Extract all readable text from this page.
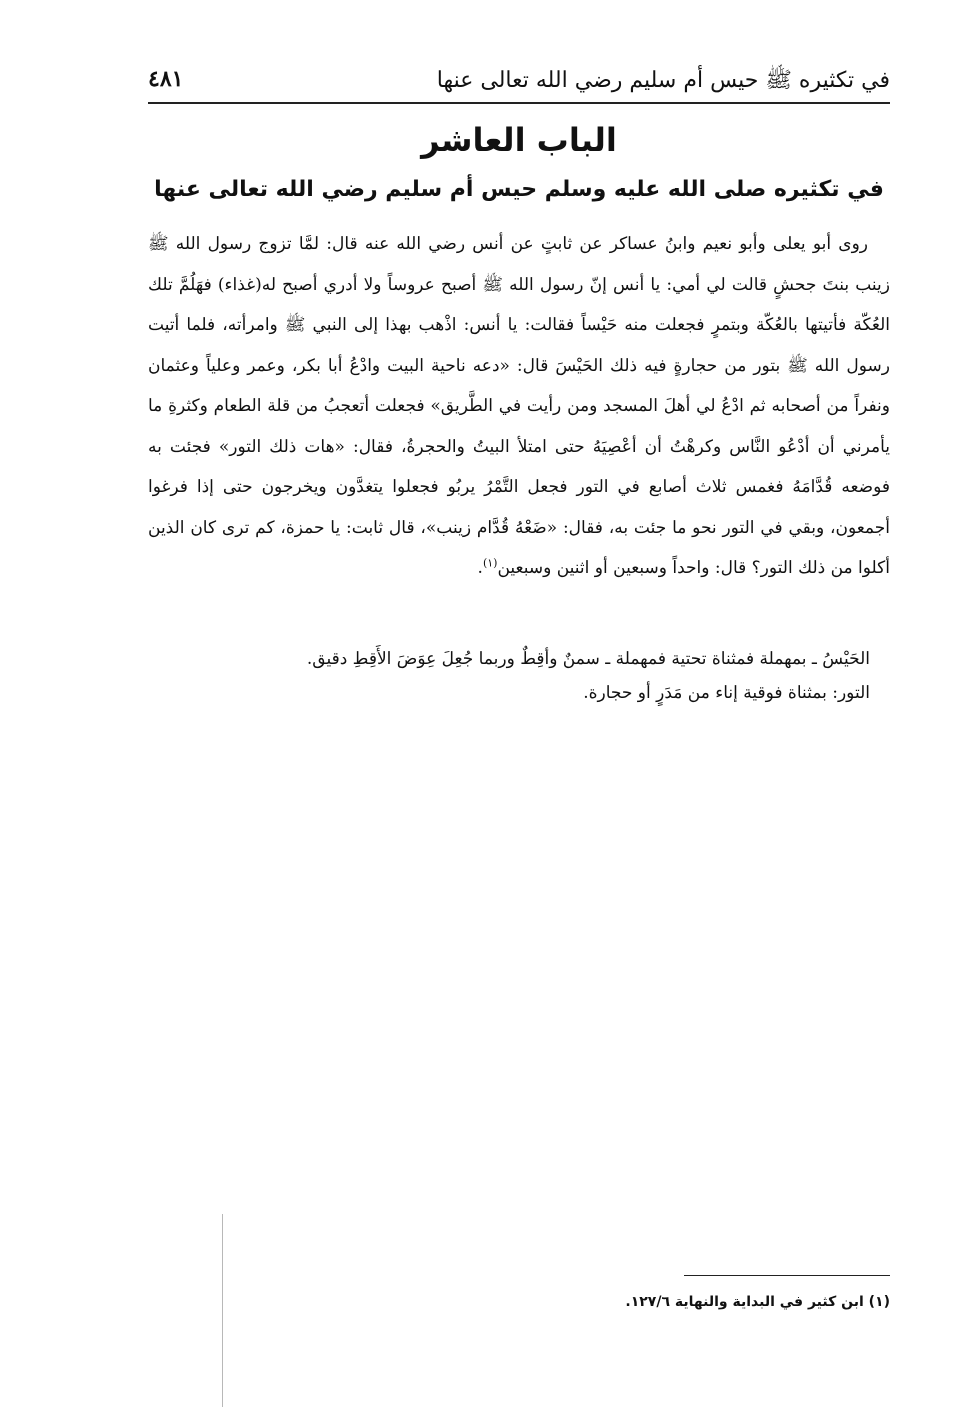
في تكثيره ﷺ حيس أم سليم رضي الله تعالى عنها
٤٨١
الباب العاشر
في تكثيره صلى الله عليه وسلم حيس أم سليم رضي الله تعالى عنها

روى أبو يعلى وأبو نعيم وابنُ عساكر عن ثابتٍ عن أنس رضي الله عنه قال: لمَّا تزوج رسول الله ﷺ زينب بنتَ جحشٍ قالت لي أمي: يا أنس إنّ رسول الله ﷺ أصبح عروساً ولا أدري أصبح له(غذاء) فهَلُمَّ تلك العُكّة فأتيتها بالعُكّة وبتمرٍ فجعلت منه حَيْساً فقالت: يا أنس: اذْهب بهذا إلى النبي ﷺ وامرأته، فلما أتيت رسول الله ﷺ بتور من حجارةٍ فيه ذلك الحَيْسَ قال: «دعه ناحية البيت وادْعُ أبا بكر، وعمر وعلياً وعثمان ونفراً من أصحابه ثم ادْعُ لي أهلَ المسجد ومن رأيت في الطَّريق» فجعلت أتعجبُ من قلة الطعام وكثرةِ ما يأمرني أن أدْعُو النَّاس وكرهْتُ أن أعْصِيَهُ حتى امتلأ البيتُ والحجرةُ، فقال: «هات ذلك التور» فجئت به فوضعه قُدَّامَهُ فغمس ثلاث أصابع في التور فجعل التَّمْرُ يربُو فجعلوا يتغدَّون ويخرجون حتى إذا فرغوا أجمعون، وبقي في التور نحو ما جئت به، فقال: «ضَعْهُ قُدَّام زينب»، قال ثابت: يا حمزة، كم ترى كان الذين أكلوا من ذلك التور؟ قال: واحداً وسبعين أو اثنين وسبعين$^{(١)}$.

الحَيْسُ ـ بمهملة فمثناة تحتية فمهملة ـ سمنٌ وأقِطٌ وربما جُعِلَ عِوَضَ الأَقِطِ دقيق.

التور: بمثناة فوقية إناء من مَدَرٍ أو حجارة.

(١) ابن كثير في البداية والنهاية ١٢٧/٦.
